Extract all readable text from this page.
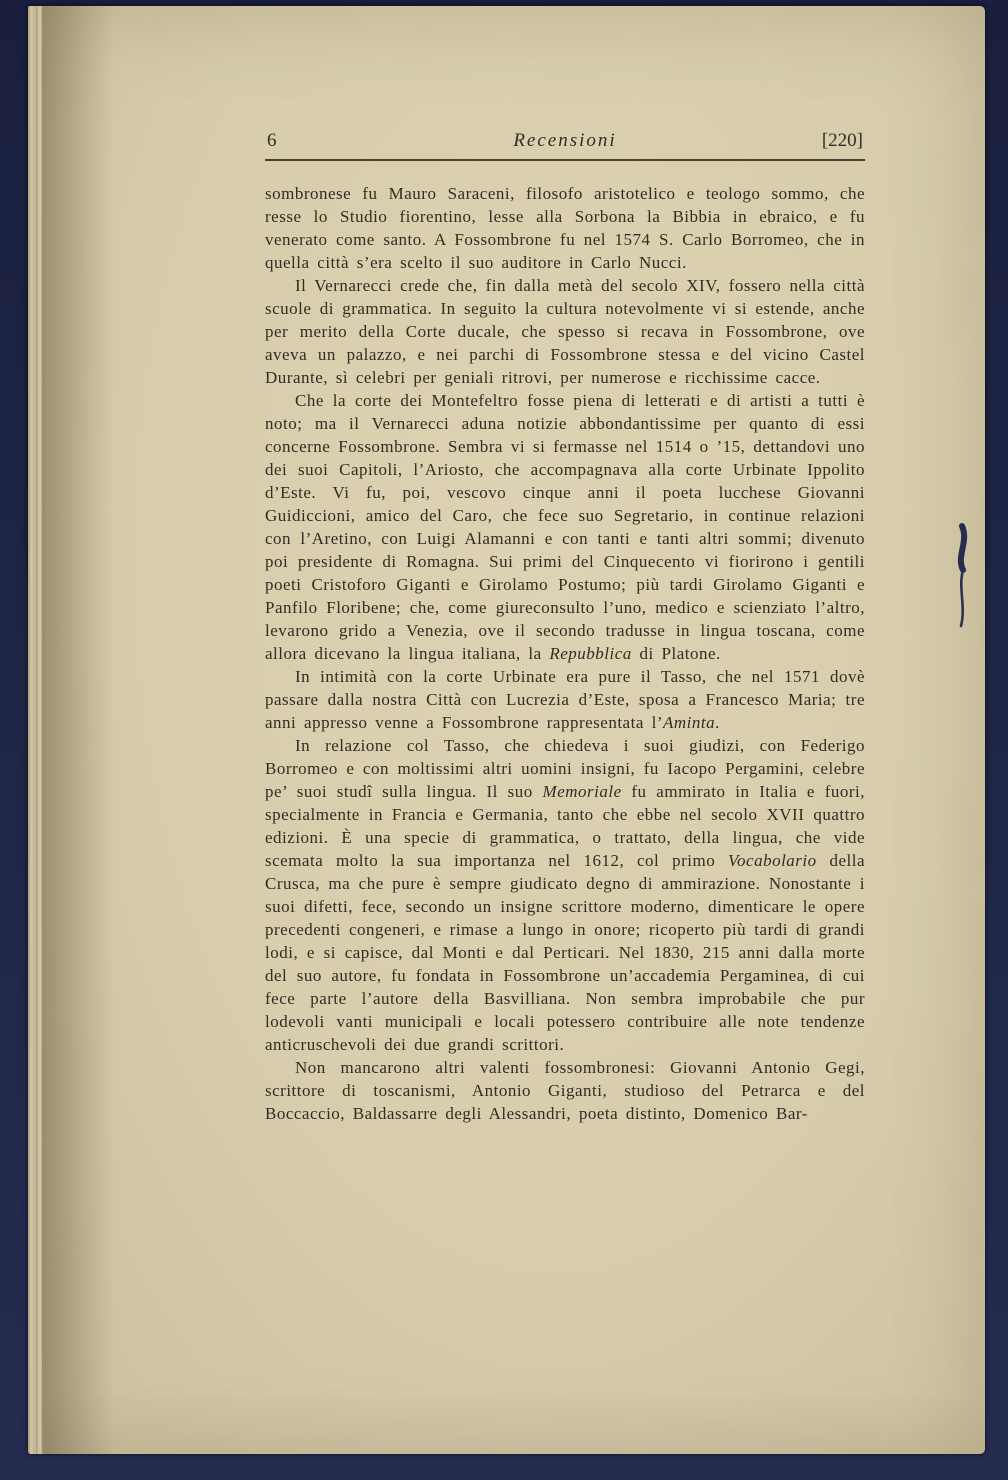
6	Recensioni	[220]

sombronese fu Mauro Saraceni, filosofo aristotelico e teologo sommo, che resse lo Studio fiorentino, lesse alla Sorbona la Bibbia in ebraico, e fu venerato come santo. A Fossombrone fu nel 1574 S. Carlo Borromeo, che in quella città s’era scelto il suo auditore in Carlo Nucci.

Il Vernarecci crede che, fin dalla metà del secolo XIV, fossero nella città scuole di grammatica. In seguito la cultura notevolmente vi si estende, anche per merito della Corte ducale, che spesso si recava in Fossombrone, ove aveva un palazzo, e nei parchi di Fossombrone stessa e del vicino Castel Durante, sì celebri per geniali ritrovi, per numerose e ricchissime cacce.

Che la corte dei Montefeltro fosse piena di letterati e di artisti a tutti è noto; ma il Vernarecci aduna notizie abbondantissime per quanto di essi concerne Fossombrone. Sembra vi si fermasse nel 1514 o ’15, dettandovi uno dei suoi Capitoli, l’Ariosto, che accompagnava alla corte Urbinate Ippolito d’Este. Vi fu, poi, vescovo cinque anni il poeta lucchese Giovanni Guidiccioni, amico del Caro, che fece suo Segretario, in continue relazioni con l’Aretino, con Luigi Alamanni e con tanti e tanti altri sommi; divenuto poi presidente di Romagna. Sui primi del Cinquecento vi fiorirono i gentili poeti Cristoforo Giganti e Girolamo Postumo; più tardi Girolamo Giganti e Panfilo Floribene; che, come giureconsulto l’uno, medico e scienziato l’altro, levarono grido a Venezia, ove il secondo tradusse in lingua toscana, come allora dicevano la lingua italiana, la Repubblica di Platone.

In intimità con la corte Urbinate era pure il Tasso, che nel 1571 dovè passare dalla nostra Città con Lucrezia d’Este, sposa a Francesco Maria; tre anni appresso venne a Fossombrone rappresentata l’Aminta.

In relazione col Tasso, che chiedeva i suoi giudizi, con Federigo Borromeo e con moltissimi altri uomini insigni, fu Iacopo Pergamini, celebre pe’ suoi studî sulla lingua. Il suo Memoriale fu ammirato in Italia e fuori, specialmente in Francia e Germania, tanto che ebbe nel secolo XVII quattro edizioni. È una specie di grammatica, o trattato, della lingua, che vide scemata molto la sua importanza nel 1612, col primo Vocabolario della Crusca, ma che pure è sempre giudicato degno di ammirazione. Nonostante i suoi difetti, fece, secondo un insigne scrittore moderno, dimenticare le opere precedenti congeneri, e rimase a lungo in onore; ricoperto più tardi di grandi lodi, e si capisce, dal Monti e dal Perticari. Nel 1830, 215 anni dalla morte del suo autore, fu fondata in Fossombrone un’accademia Pergaminea, di cui fece parte l’autore della Basvilliana. Non sembra improbabile che pur lodevoli vanti municipali e locali potessero contribuire alle note tendenze anticruschevoli dei due grandi scrittori.

Non mancarono altri valenti fossombronesi: Giovanni Antonio Gegi, scrittore di toscanismi, Antonio Giganti, studioso del Petrarca e del Boccaccio, Baldassarre degli Alessandri, poeta distinto, Domenico Bar-
